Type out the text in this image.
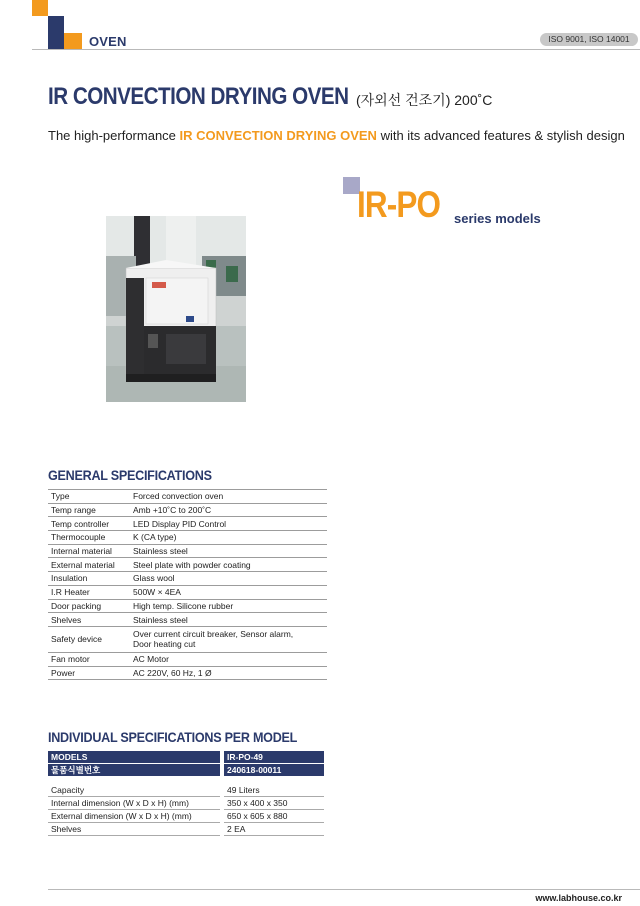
OVEN	ISO 9001, ISO 14001
IR CONVECTION DRYING OVEN (자외선 건조기) 200˚C
The high-performance IR CONVECTION DRYING OVEN with its advanced features & stylish design
IR-PO series models
GENERAL SPECIFICATIONS
Type	Forced convection oven
Temp range	Amb +10˚C to 200˚C
Temp controller	LED Display PID Control
Thermocouple	K (CA type)
Internal material	Stainless steel
External material	Steel plate with powder coating
Insulation	Glass wool
I.R Heater	500W × 4EA
Door packing	High temp. Silicone rubber
Shelves	Stainless steel
Safety device	Over current circuit breaker, Sensor alarm,
Door heating cut

Fan motor	AC Motor
Power	AC 220V, 60 Hz, 1 Ø
INDIVIDUAL SPECIFICATIONS PER MODEL
MODELS		IR-PO-49
물품식별번호		240618-00011

Capacity		49 Liters
Internal dimension (W x D x H) (mm)		350 x 400 x 350
External dimension (W x D x H) (mm)		650 x 605 x 880
Shelves		2 EA
www.labhouse.co.kr
